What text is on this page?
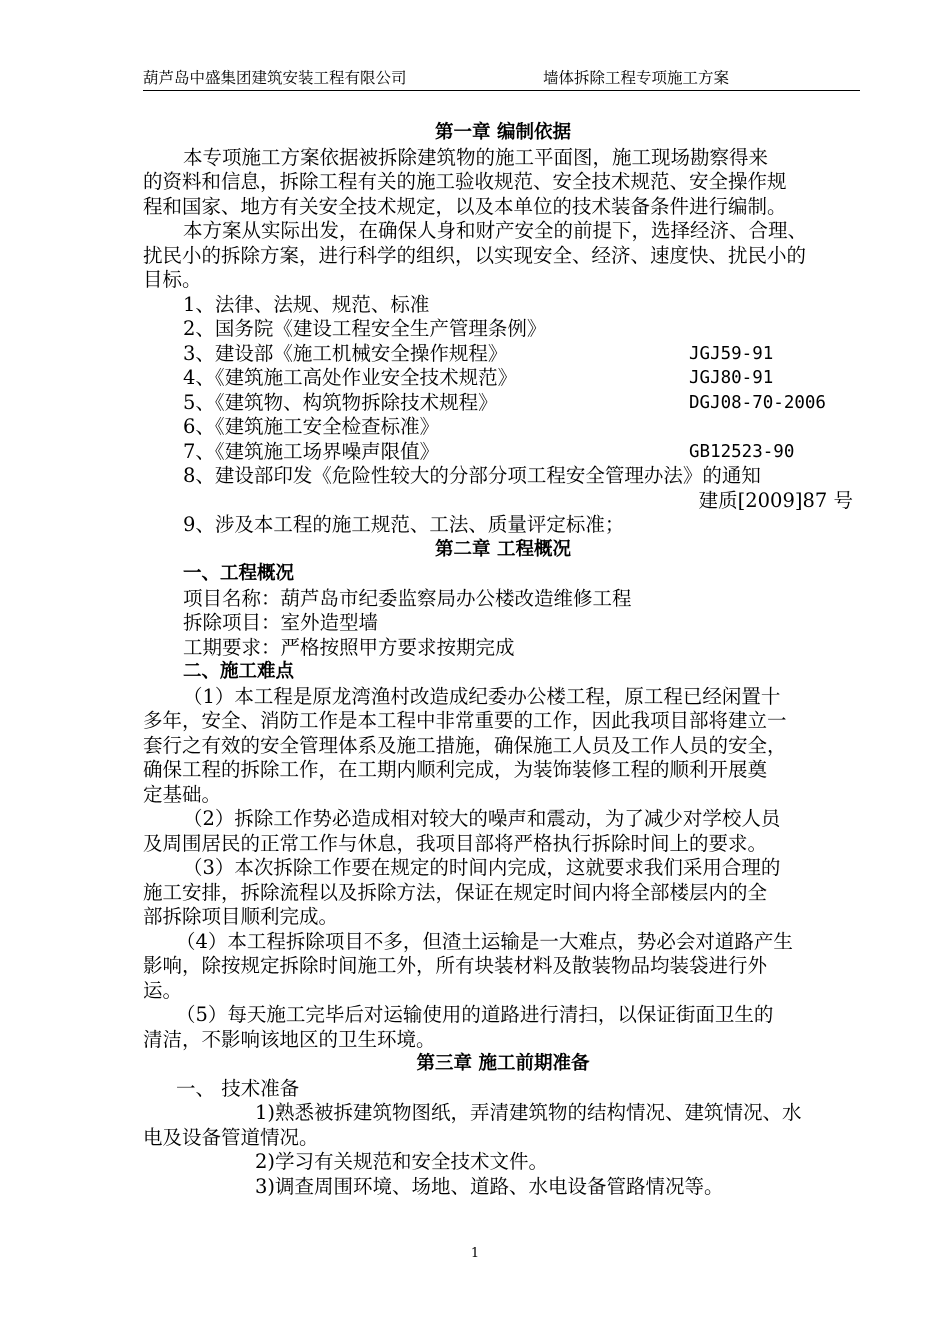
葫芦岛中盛集团建筑安装工程有限公司	墙体拆除工程专项施工方案
第一章 编制依据
本专项施工方案依据被拆除建筑物的施工平面图，施工现场勘察得来
的资料和信息，拆除工程有关的施工验收规范、安全技术规范、安全操作规
程和国家、地方有关安全技术规定，以及本单位的技术装备条件进行编制。
本方案从实际出发，在确保人身和财产安全的前提下，选择经济、合理、
扰民小的拆除方案，进行科学的组织，以实现安全、经济、速度快、扰民小的
目标。
1、法律、法规、规范、标准
2、国务院《建设工程安全生产管理条例》
3、建设部《施工机械安全操作规程》	JGJ59-91
4、《建筑施工高处作业安全技术规范》	JGJ80-91
5、《建筑物、构筑物拆除技术规程》	DGJ08-70-2006
6、《建筑施工安全检查标准》
7、《建筑施工场界噪声限值》	GB12523-90
8、建设部印发《危险性较大的分部分项工程安全管理办法》的通知
建质[2009]87 号
9、涉及本工程的施工规范、工法、质量评定标准；
第二章 工程概况
一、工程概况
项目名称：葫芦岛市纪委监察局办公楼改造维修工程
拆除项目：室外造型墙
工期要求：严格按照甲方要求按期完成
二、施工难点
（1）本工程是原龙湾渔村改造成纪委办公楼工程，原工程已经闲置十
多年，安全、消防工作是本工程中非常重要的工作，因此我项目部将建立一
套行之有效的安全管理体系及施工措施，确保施工人员及工作人员的安全，
确保工程的拆除工作，在工期内顺利完成，为装饰装修工程的顺利开展奠
定基础。
（2）拆除工作势必造成相对较大的噪声和震动，为了减少对学校人员
及周围居民的正常工作与休息，我项目部将严格执行拆除时间上的要求。
（3）本次拆除工作要在规定的时间内完成，这就要求我们采用合理的
施工安排，拆除流程以及拆除方法，保证在规定时间内将全部楼层内的全
部拆除项目顺利完成。
（4）本工程拆除项目不多，但渣土运输是一大难点，势必会对道路产生
影响，除按规定拆除时间施工外，所有块装材料及散装物品均装袋进行外
运。
（5）每天施工完毕后对运输使用的道路进行清扫，以保证街面卫生的
清洁，不影响该地区的卫生环境。
第三章 施工前期准备
一、 技术准备
1)熟悉被拆建筑物图纸，弄清建筑物的结构情况、建筑情况、水
电及设备管道情况。
2)学习有关规范和安全技术文件。
3)调查周围环境、场地、道路、水电设备管路情况等。
1
